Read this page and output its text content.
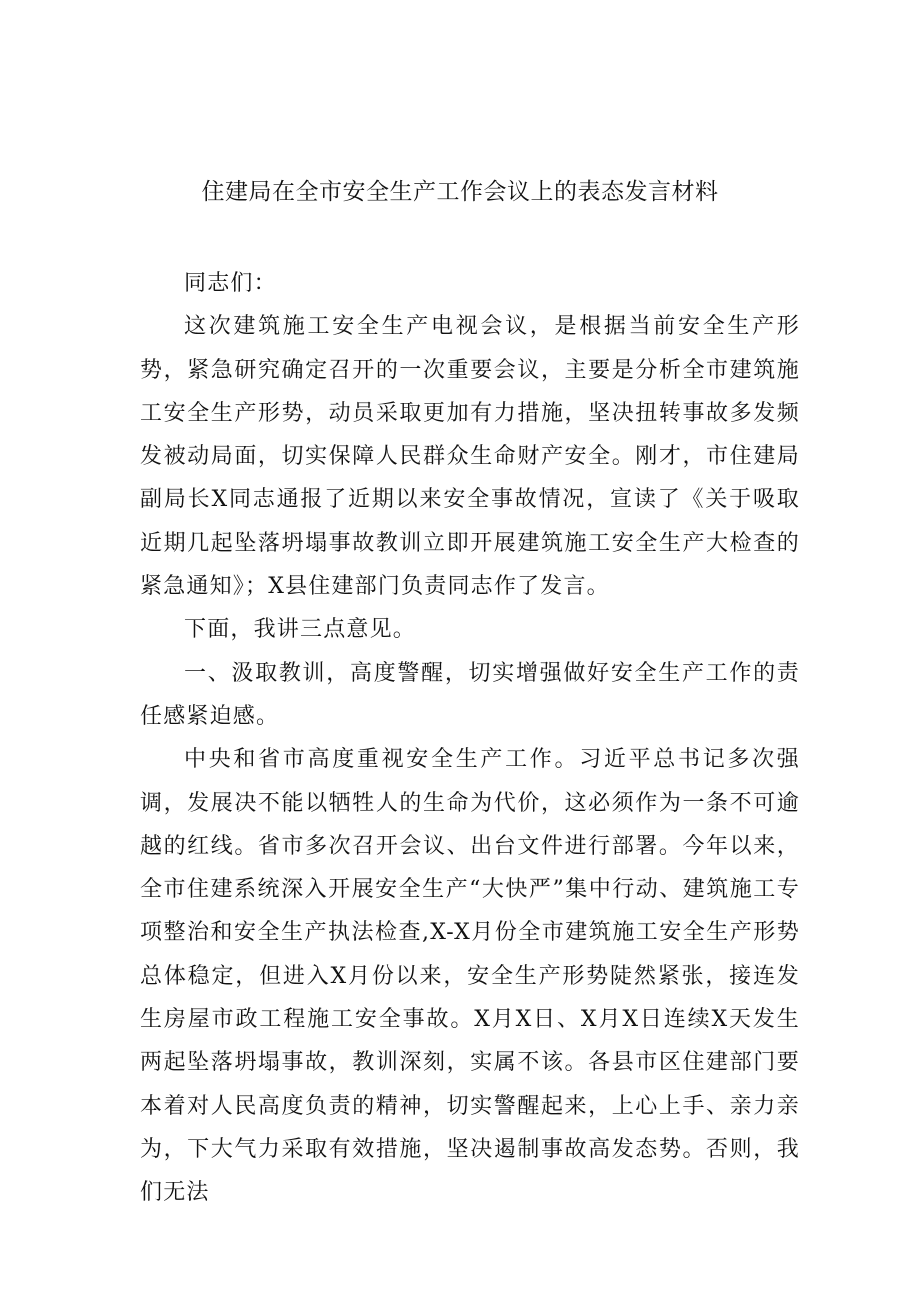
住建局在全市安全生产工作会议上的表态发言材料

同志们：

这次建筑施工安全生产电视会议，是根据当前安全生产形势，紧急研究确定召开的一次重要会议，主要是分析全市建筑施工安全生产形势，动员采取更加有力措施，坚决扭转事故多发频发被动局面，切实保障人民群众生命财产安全。刚才，市住建局副局长X同志通报了近期以来安全事故情况，宣读了《关于吸取近期几起坠落坍塌事故教训立即开展建筑施工安全生产大检查的紧急通知》；X县住建部门负责同志作了发言。

下面，我讲三点意见。

一、汲取教训，高度警醒，切实增强做好安全生产工作的责任感紧迫感。

中央和省市高度重视安全生产工作。习近平总书记多次强调，发展决不能以牺牲人的生命为代价，这必须作为一条不可逾越的红线。省市多次召开会议、出台文件进行部署。今年以来，全市住建系统深入开展安全生产“大快严”集中行动、建筑施工专项整治和安全生产执法检查,X-X月份全市建筑施工安全生产形势总体稳定，但进入X月份以来，安全生产形势陡然紧张，接连发生房屋市政工程施工安全事故。X月X日、X月X日连续X天发生两起坠落坍塌事故，教训深刻，实属不该。各县市区住建部门要本着对人民高度负责的精神，切实警醒起来，上心上手、亲力亲为，下大气力采取有效措施，坚决遏制事故高发态势。否则，我们无法
